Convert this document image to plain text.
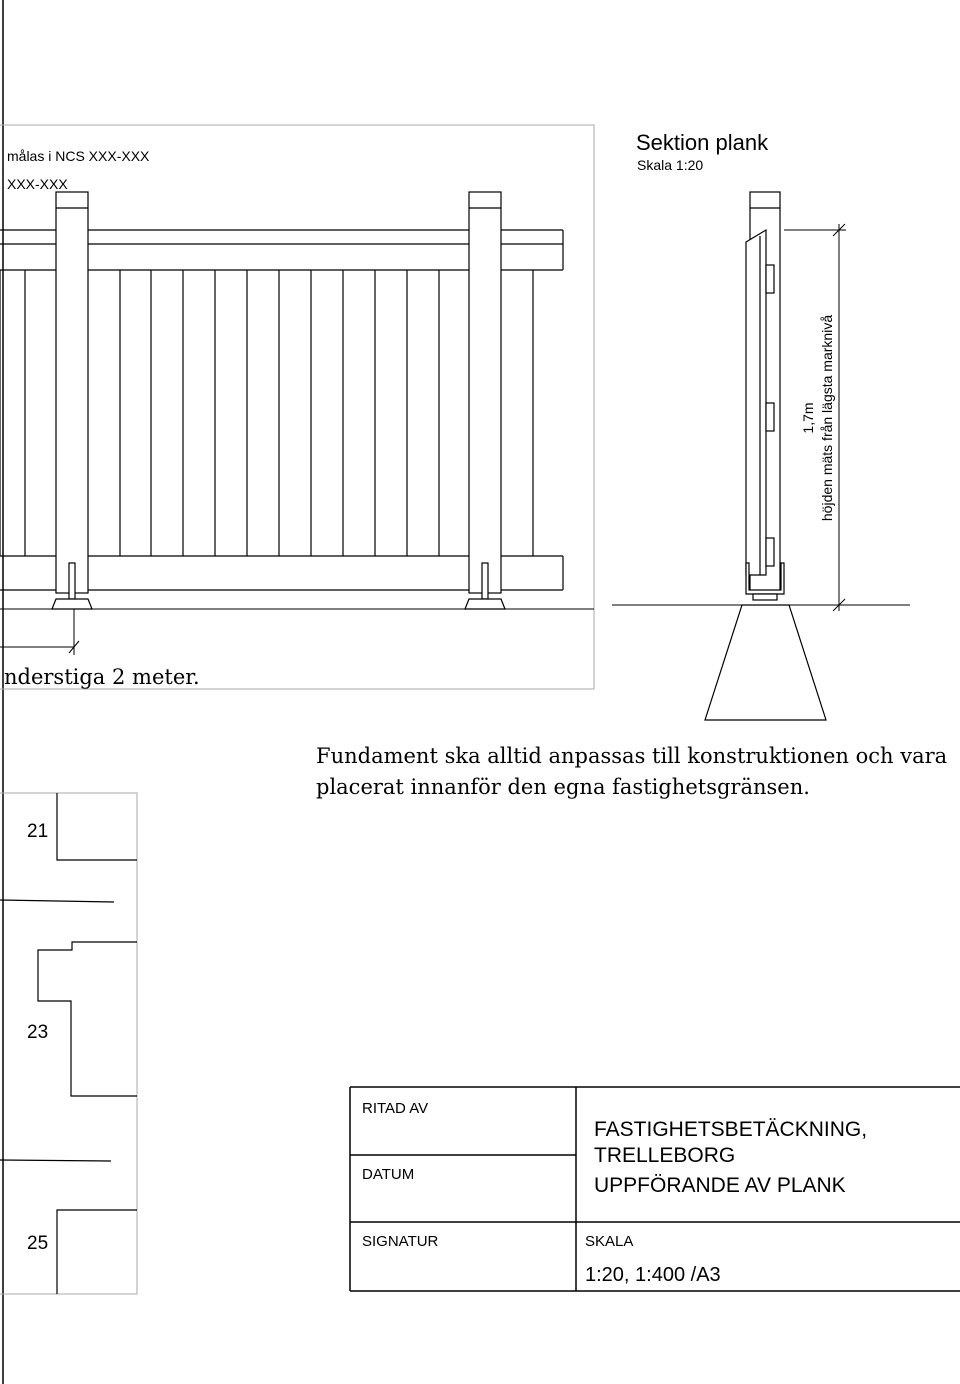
målas i NCS XXX-XXX
XXX-XXX
nderstiga 2 meter.
Sektion plank
Skala 1:20
1,7m höjden mäts från lägsta marknivå
Fundament ska alltid anpassas till konstruktionen och vara
placerat innanför den egna fastighetsgränsen.
21
23
25
RITAD AV
DATUM
SIGNATUR
FASTIGHETSBETÄCKNING,
TRELLEBORG
UPPFÖRANDE AV PLANK
SKALA
1:20, 1:400 /A3
